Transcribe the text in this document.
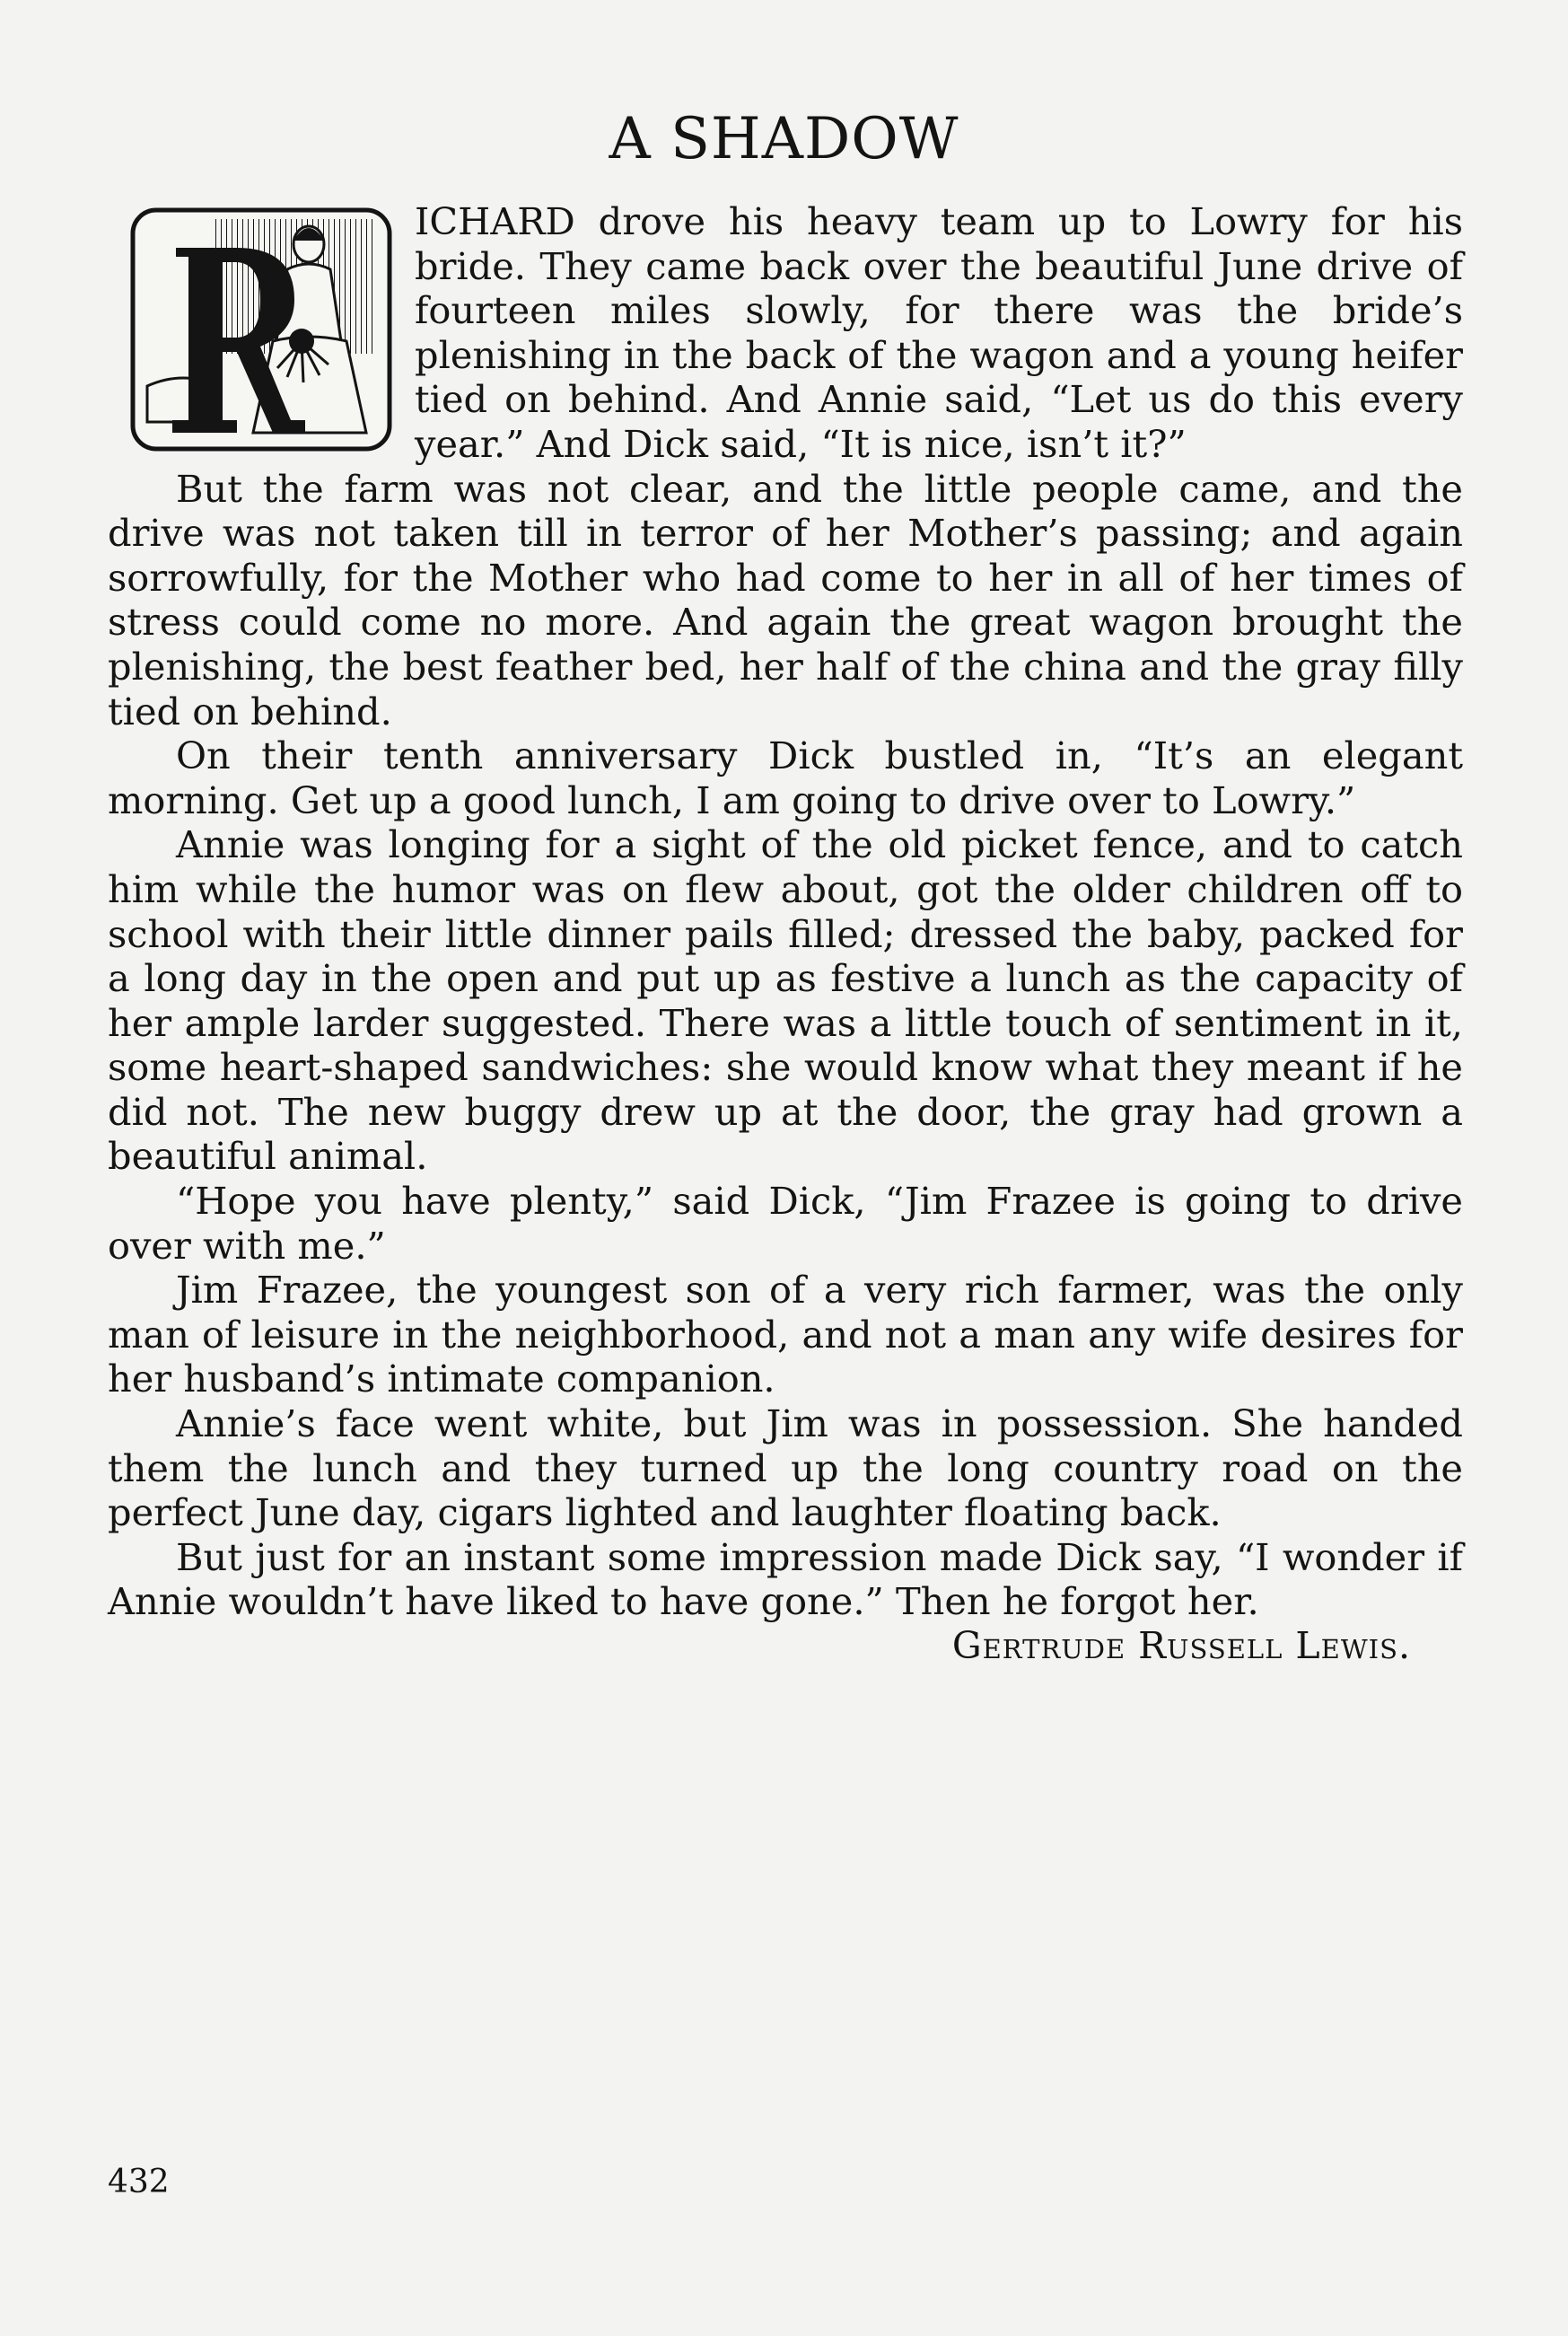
A SHADOW

ICHARD drove his heavy team up to Lowry for his bride. They came back over the beautiful June drive of fourteen miles slowly, for there was the bride’s plenishing in the back of the wagon and a young heifer tied on behind. And Annie said, “Let us do this every year.” And Dick said, “It is nice, isn’t it?”

But the farm was not clear, and the little people came, and the drive was not taken till in terror of her Mother’s passing; and again sorrowfully, for the Mother who had come to her in all of her times of stress could come no more. And again the great wagon brought the plenishing, the best feather bed, her half of the china and the gray filly tied on behind.

On their tenth anniversary Dick bustled in, “It’s an elegant morning. Get up a good lunch, I am going to drive over to Lowry.”

Annie was longing for a sight of the old picket fence, and to catch him while the humor was on flew about, got the older children off to school with their little dinner pails filled; dressed the baby, packed for a long day in the open and put up as festive a lunch as the capacity of her ample larder suggested. There was a little touch of sentiment in it, some heart-shaped sandwiches: she would know what they meant if he did not. The new buggy drew up at the door, the gray had grown a beautiful animal.

“Hope you have plenty,” said Dick, “Jim Frazee is going to drive over with me.”

Jim Frazee, the youngest son of a very rich farmer, was the only man of leisure in the neighborhood, and not a man any wife desires for her husband’s intimate companion.

Annie’s face went white, but Jim was in possession. She handed them the lunch and they turned up the long country road on the perfect June day, cigars lighted and laughter floating back.

But just for an instant some impression made Dick say, “I wonder if Annie wouldn’t have liked to have gone.” Then he forgot her.

Gertrude Russell Lewis.

432
